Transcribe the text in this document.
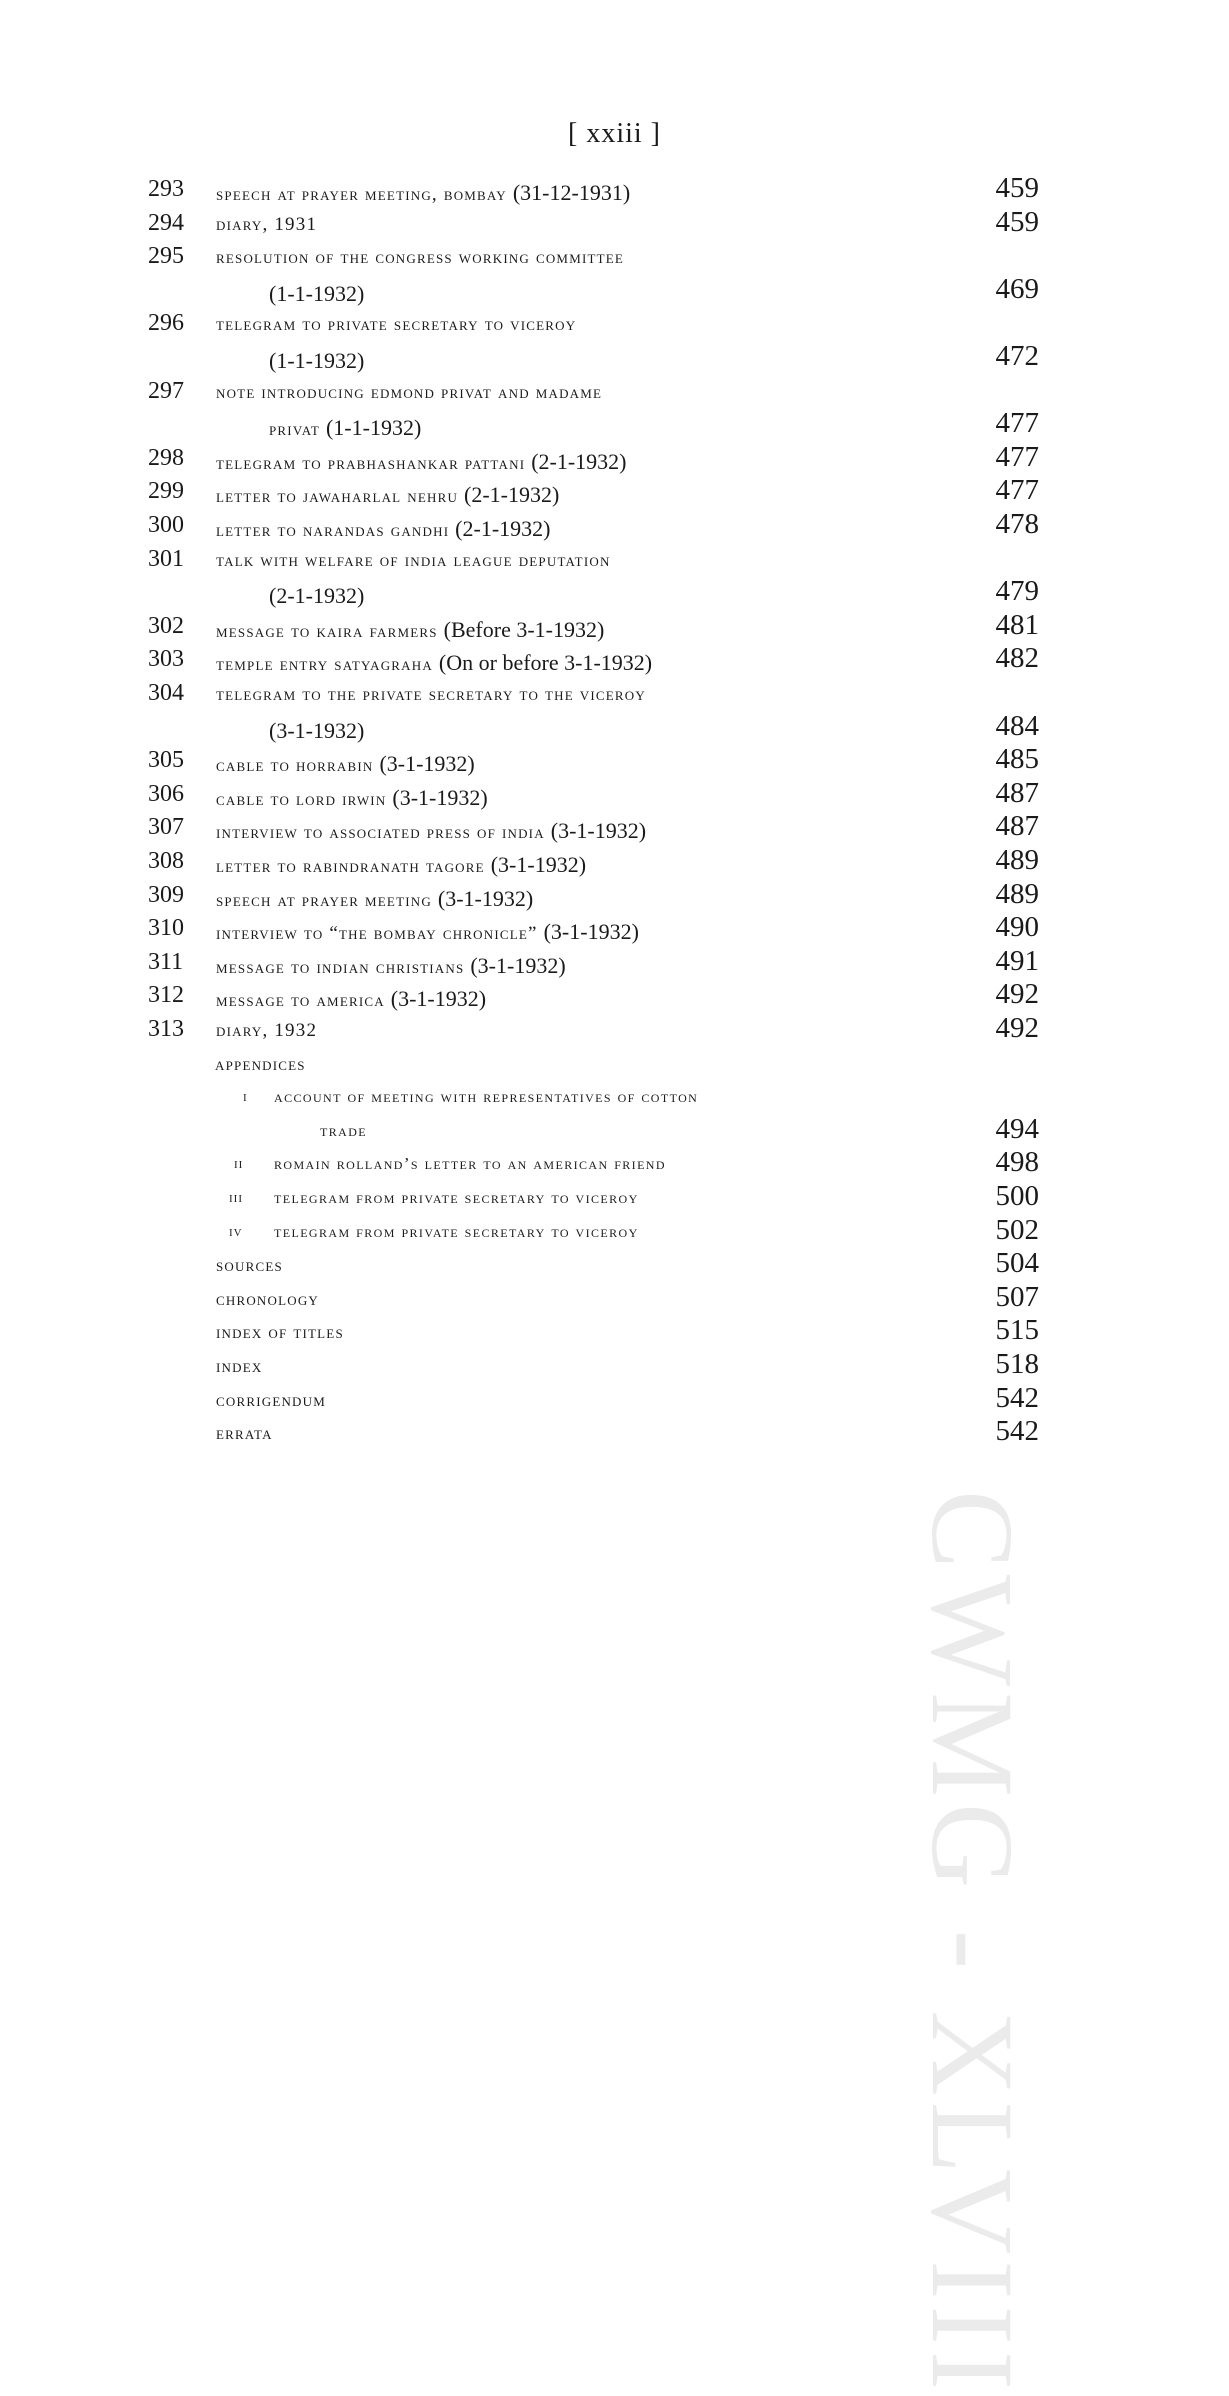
[ xxiii ]
CWMG - XLVIII
293 speech at prayer meeting, bombay (31-12-1931)	459
294 diary, 1931	459
295 resolution of the congress working committee
(1-1-1932)	469
296 telegram to private secretary to viceroy
(1-1-1932)	472
297 note introducing edmond privat and madame
privat (1-1-1932)	477
298 telegram to prabhashankar pattani (2-1-1932)	477
299 letter to jawaharlal nehru (2-1-1932)	477
300 letter to narandas gandhi (2-1-1932)	478
301 talk with welfare of india league deputation
(2-1-1932)	479
302 message to kaira farmers (Before 3-1-1932)	481
303 temple entry satyagraha (On or before 3-1-1932)	482
304 telegram to the private secretary to the viceroy
(3-1-1932)	484
305 cable to horrabin (3-1-1932)	485
306 cable to lord irwin (3-1-1932)	487
307 interview to associated press of india (3-1-1932)	487
308 letter to rabindranath tagore (3-1-1932)	489
309 speech at prayer meeting (3-1-1932)	489
310 interview to “the bombay chronicle” (3-1-1932)	490
311 message to indian christians (3-1-1932)	491
312 message to america (3-1-1932)	492
313 diary, 1932	492
appendices
i account of meeting with representatives of cotton
trade	494
ii romain rolland’s letter to an american friend	498
iii telegram from private secretary to viceroy	500
iv telegram from private secretary to viceroy	502
sources	504
chronology	507
index of titles	515
index	518
corrigendum	542
errata	542
